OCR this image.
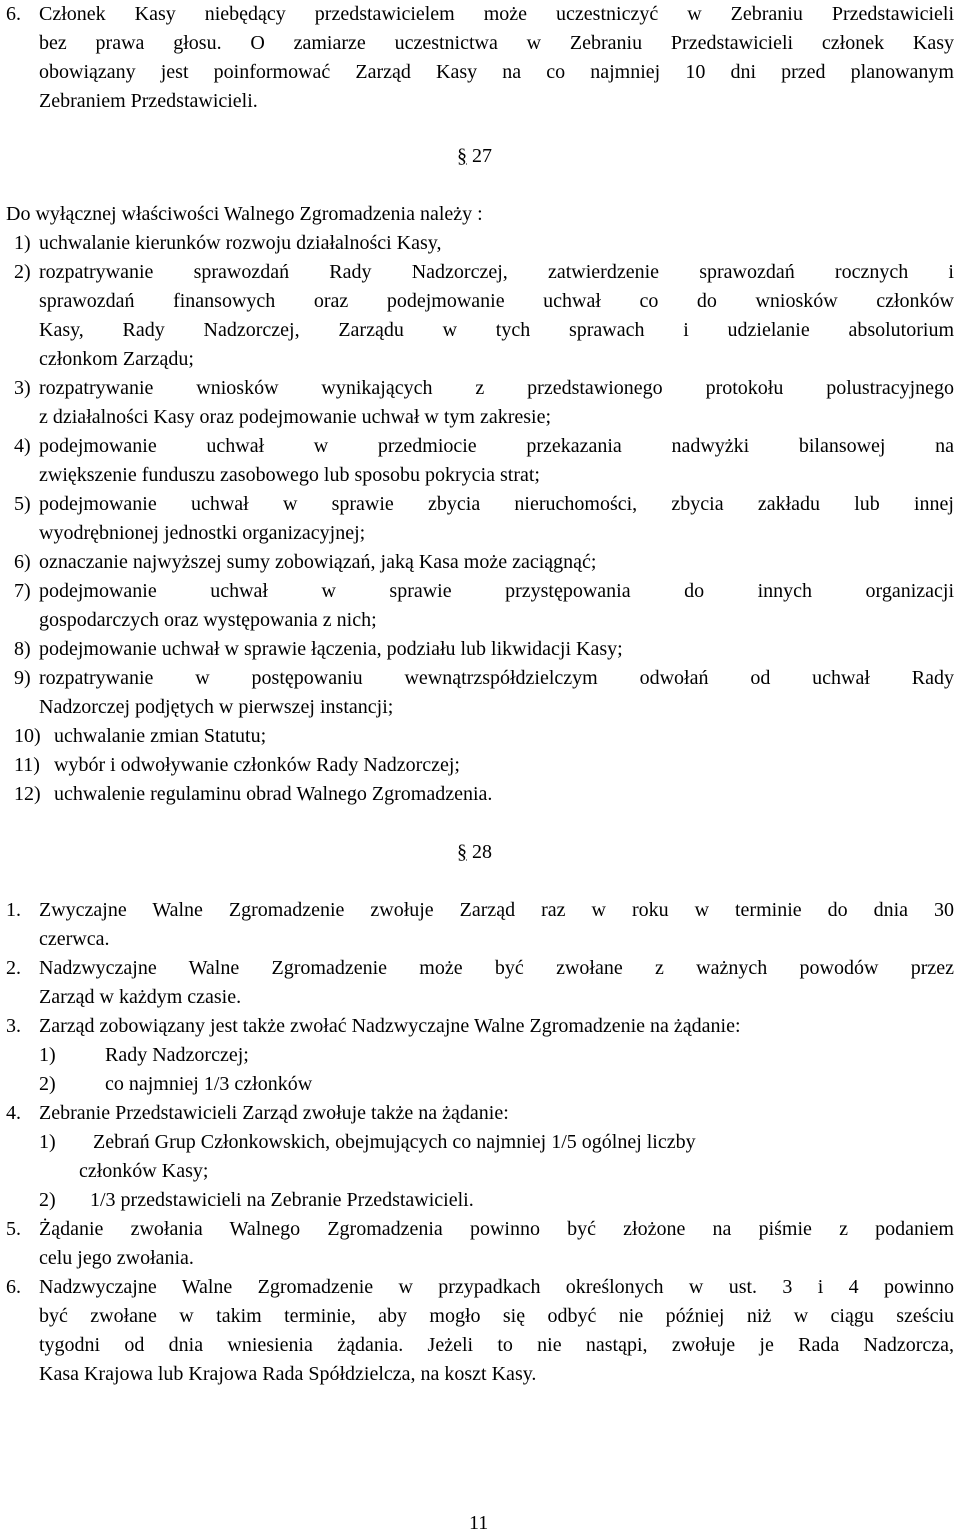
6. Członek Kasy niebędący przedstawicielem może uczestniczyć w Zebraniu Przedstawicieli
bez prawa głosu. O zamiarze uczestnictwa w Zebraniu Przedstawicieli członek Kasy
obowiązany jest poinformować Zarząd Kasy na co najmniej 10 dni przed planowanym
Zebraniem Przedstawicieli.
§ 27
Do wyłącznej właściwości Walnego Zgromadzenia należy :
1) uchwalanie kierunków rozwoju działalności Kasy,
2) rozpatrywanie sprawozdań Rady Nadzorczej, zatwierdzenie sprawozdań rocznych i
sprawozdań finansowych oraz podejmowanie uchwał co do wniosków członków
Kasy, Rady Nadzorczej, Zarządu w tych sprawach i udzielanie absolutorium
członkom Zarządu;
3) rozpatrywanie wniosków wynikających z przedstawionego protokołu polustracyjnego
z działalności Kasy oraz podejmowanie uchwał w tym zakresie;
4) podejmowanie uchwał w przedmiocie przekazania nadwyżki bilansowej na
zwiększenie funduszu zasobowego lub sposobu pokrycia strat;
5) podejmowanie uchwał w sprawie zbycia nieruchomości, zbycia zakładu lub innej
wyodrębnionej jednostki organizacyjnej;
6) oznaczanie najwyższej sumy zobowiązań, jaką Kasa może zaciągnąć;
7) podejmowanie uchwał w sprawie przystępowania do innych organizacji
gospodarczych oraz występowania z nich;
8) podejmowanie uchwał w sprawie łączenia, podziału lub likwidacji Kasy;
9) rozpatrywanie w postępowaniu wewnątrzspółdzielczym odwołań od uchwał Rady
Nadzorczej podjętych w pierwszej instancji;
10) uchwalanie zmian Statutu;
11) wybór i odwoływanie członków Rady Nadzorczej;
12) uchwalenie regulaminu obrad Walnego Zgromadzenia.
§ 28
1. Zwyczajne Walne Zgromadzenie zwołuje Zarząd raz w roku w terminie do dnia 30
czerwca.
2. Nadzwyczajne Walne Zgromadzenie może być zwołane z ważnych powodów przez
Zarząd w każdym czasie.
3. Zarząd zobowiązany jest także zwołać Nadzwyczajne Walne Zgromadzenie na żądanie:
1) Rady Nadzorczej;
2) co najmniej 1/3 członków
4. Zebranie Przedstawicieli Zarząd zwołuje także na żądanie:
1) Zebrań Grup Członkowskich, obejmujących co najmniej 1/5 ogólnej liczby
członków Kasy;
2) 1/3 przedstawicieli na Zebranie Przedstawicieli.
5. Żądanie zwołania Walnego Zgromadzenia powinno być złożone na piśmie z podaniem
celu jego zwołania.
6. Nadzwyczajne Walne Zgromadzenie w przypadkach określonych w ust. 3 i 4 powinno
być zwołane w takim terminie, aby mogło się odbyć nie później niż w ciągu sześciu
tygodni od dnia wniesienia żądania. Jeżeli to nie nastąpi, zwołuje je Rada Nadzorcza,
Kasa Krajowa lub Krajowa Rada Spółdzielcza, na koszt Kasy.
11
